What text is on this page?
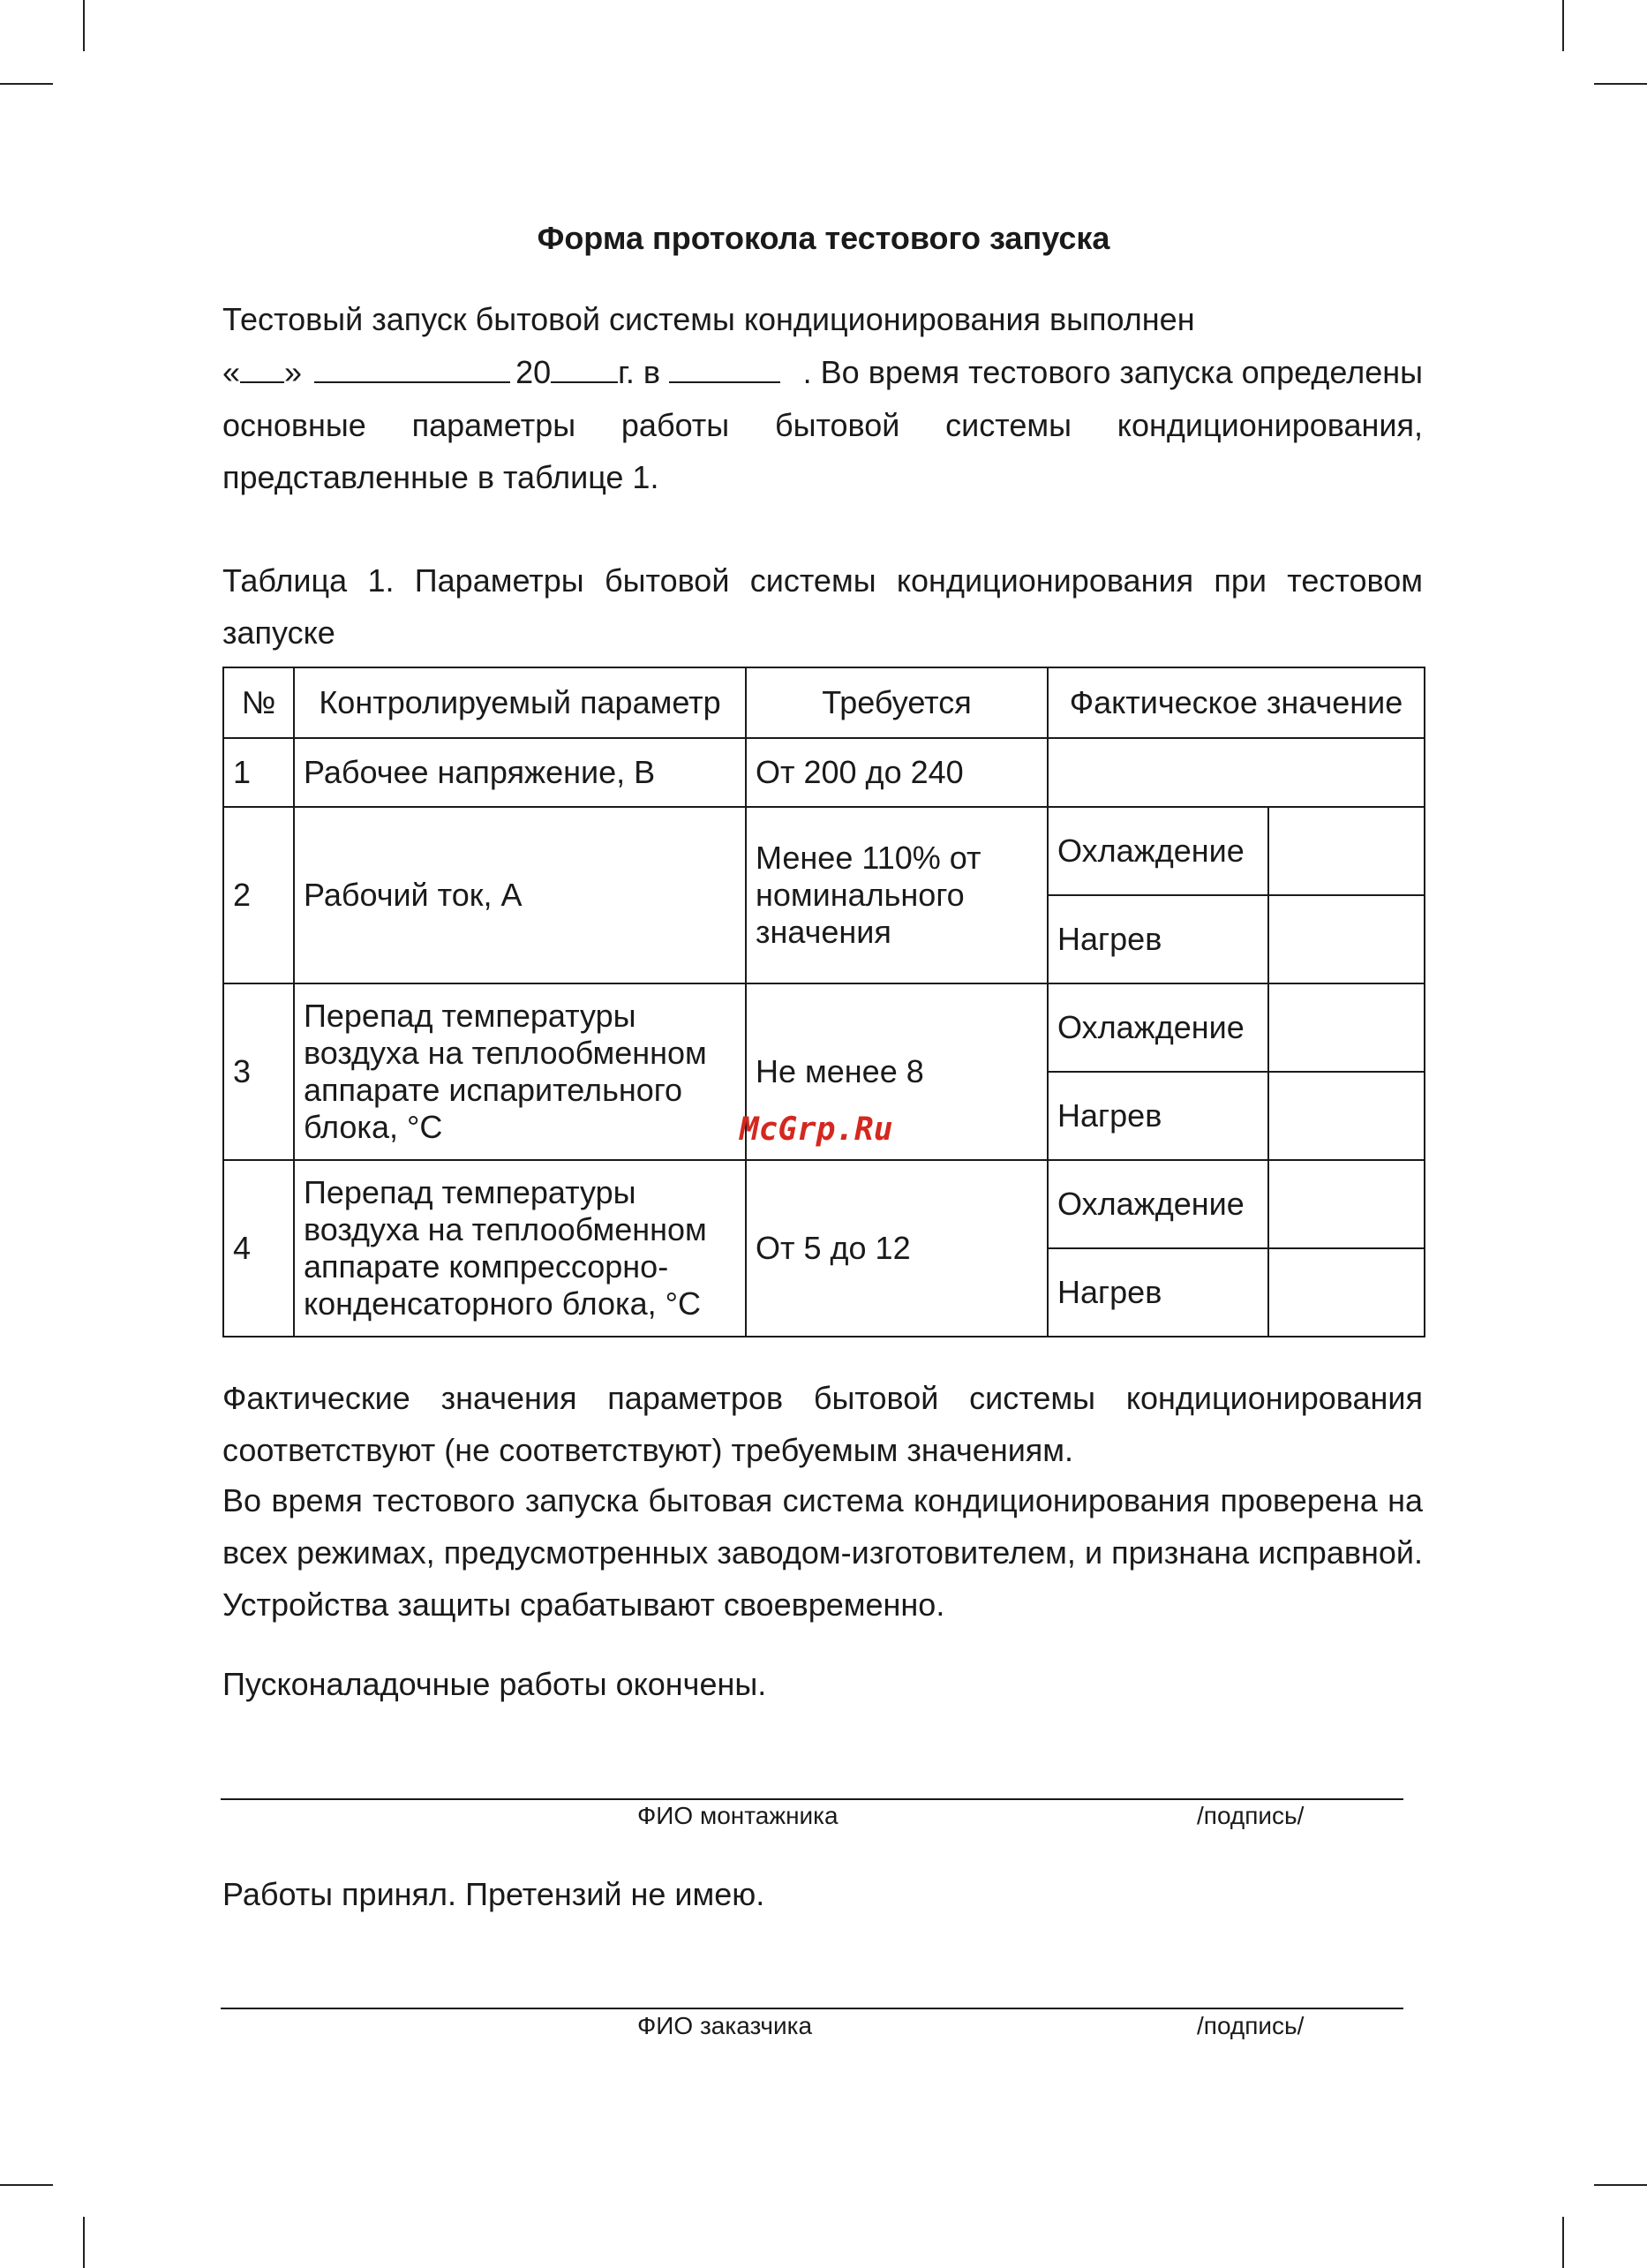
Форма протокола тестового запуска
Тестовый запуск бытовой системы кондиционирования выполнен
« »	20 г. в	. Во время тестового запуска определены
основные параметры работы бытовой системы кондиционирования, представленные в таблице 1.
Таблица 1. Параметры бытовой системы кондиционирования при тестовом запуске
№	Контролируемый параметр	Требуется	Фактическое значение	
1	Рабочее напряжение, В	От 200 до 240		
2	Рабочий ток, А	Менее 110% от номинального значения	Охлаждение	
			Нагрев	
3	Перепад температуры воздуха на теплообменном аппарате испарительного блока, °С	Не менее 8	Охлаждение	
			Нагрев	
4	Перепад температуры воздуха на теплообменном аппарате компрессорно-конденсаторного блока, °С	От 5 до 12	Охлаждение	
			Нагрев	
McGrp.Ru
Фактические значения параметров бытовой системы кондиционирования соответствуют (не соответствуют) требуемым значениям.
Во время тестового запуска бытовая система кондиционирования проверена на всех режимах, предусмотренных заводом-изготовителем, и признана исправной. Устройства защиты срабатывают своевременно.
Пусконаладочные работы окончены.
ФИО монтажника	/подпись/
Работы принял. Претензий не имею.
ФИО заказчика	/подпись/
